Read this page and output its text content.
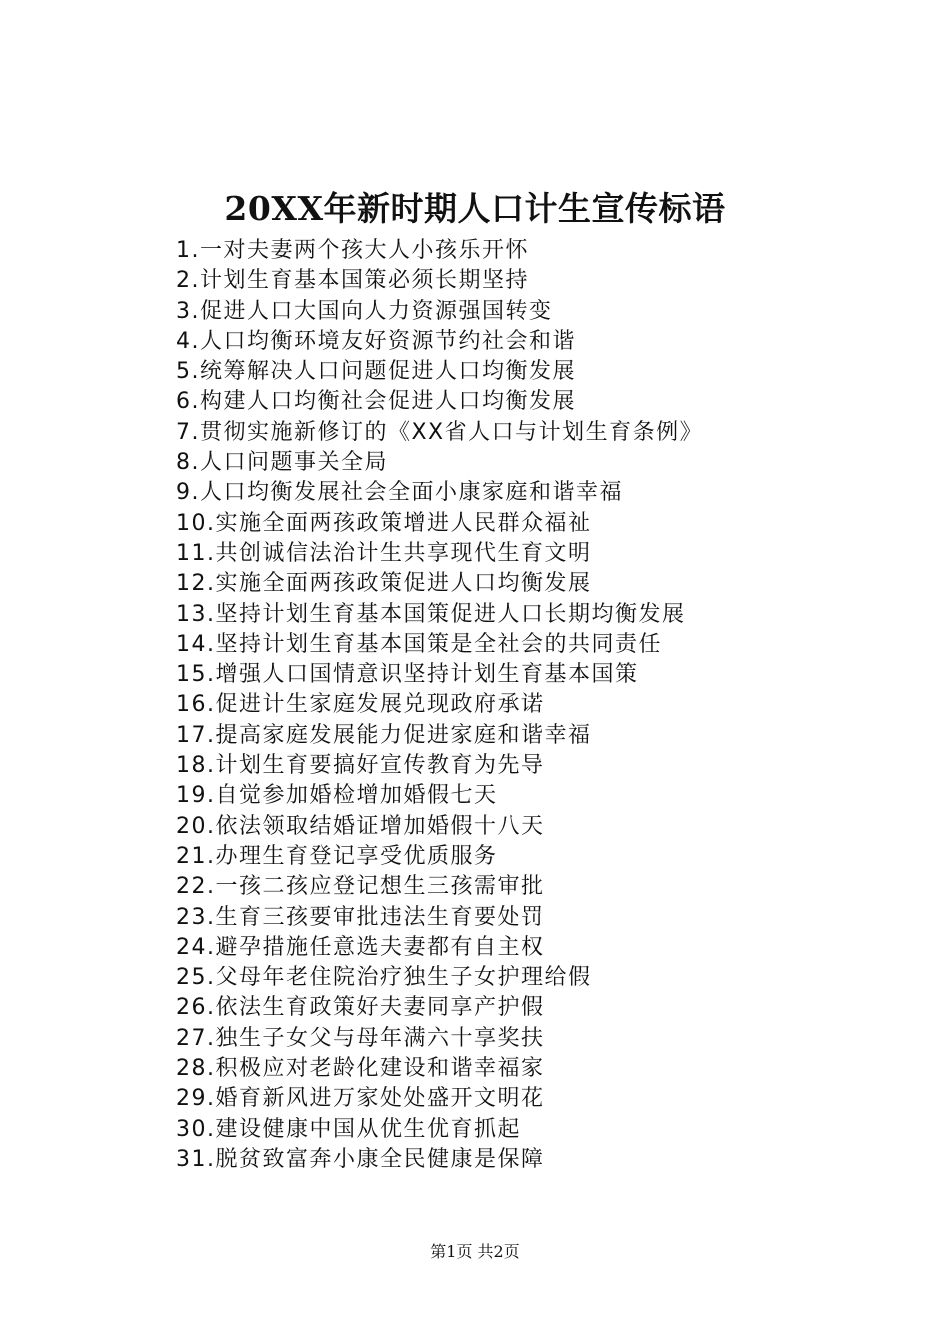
20XX年新时期人口计生宣传标语
1.一对夫妻两个孩大人小孩乐开怀
2.计划生育基本国策必须长期坚持
3.促进人口大国向人力资源强国转变
4.人口均衡环境友好资源节约社会和谐
5.统筹解决人口问题促进人口均衡发展
6.构建人口均衡社会促进人口均衡发展
7.贯彻实施新修订的《XX省人口与计划生育条例》
8.人口问题事关全局
9.人口均衡发展社会全面小康家庭和谐幸福
10.实施全面两孩政策增进人民群众福祉
11.共创诚信法治计生共享现代生育文明
12.实施全面两孩政策促进人口均衡发展
13.坚持计划生育基本国策促进人口长期均衡发展
14.坚持计划生育基本国策是全社会的共同责任
15.增强人口国情意识坚持计划生育基本国策
16.促进计生家庭发展兑现政府承诺
17.提高家庭发展能力促进家庭和谐幸福
18.计划生育要搞好宣传教育为先导
19.自觉参加婚检增加婚假七天
20.依法领取结婚证增加婚假十八天
21.办理生育登记享受优质服务
22.一孩二孩应登记想生三孩需审批
23.生育三孩要审批违法生育要处罚
24.避孕措施任意选夫妻都有自主权
25.父母年老住院治疗独生子女护理给假
26.依法生育政策好夫妻同享产护假
27.独生子女父与母年满六十享奖扶
28.积极应对老龄化建设和谐幸福家
29.婚育新风进万家处处盛开文明花
30.建设健康中国从优生优育抓起
31.脱贫致富奔小康全民健康是保障
第1页 共2页
